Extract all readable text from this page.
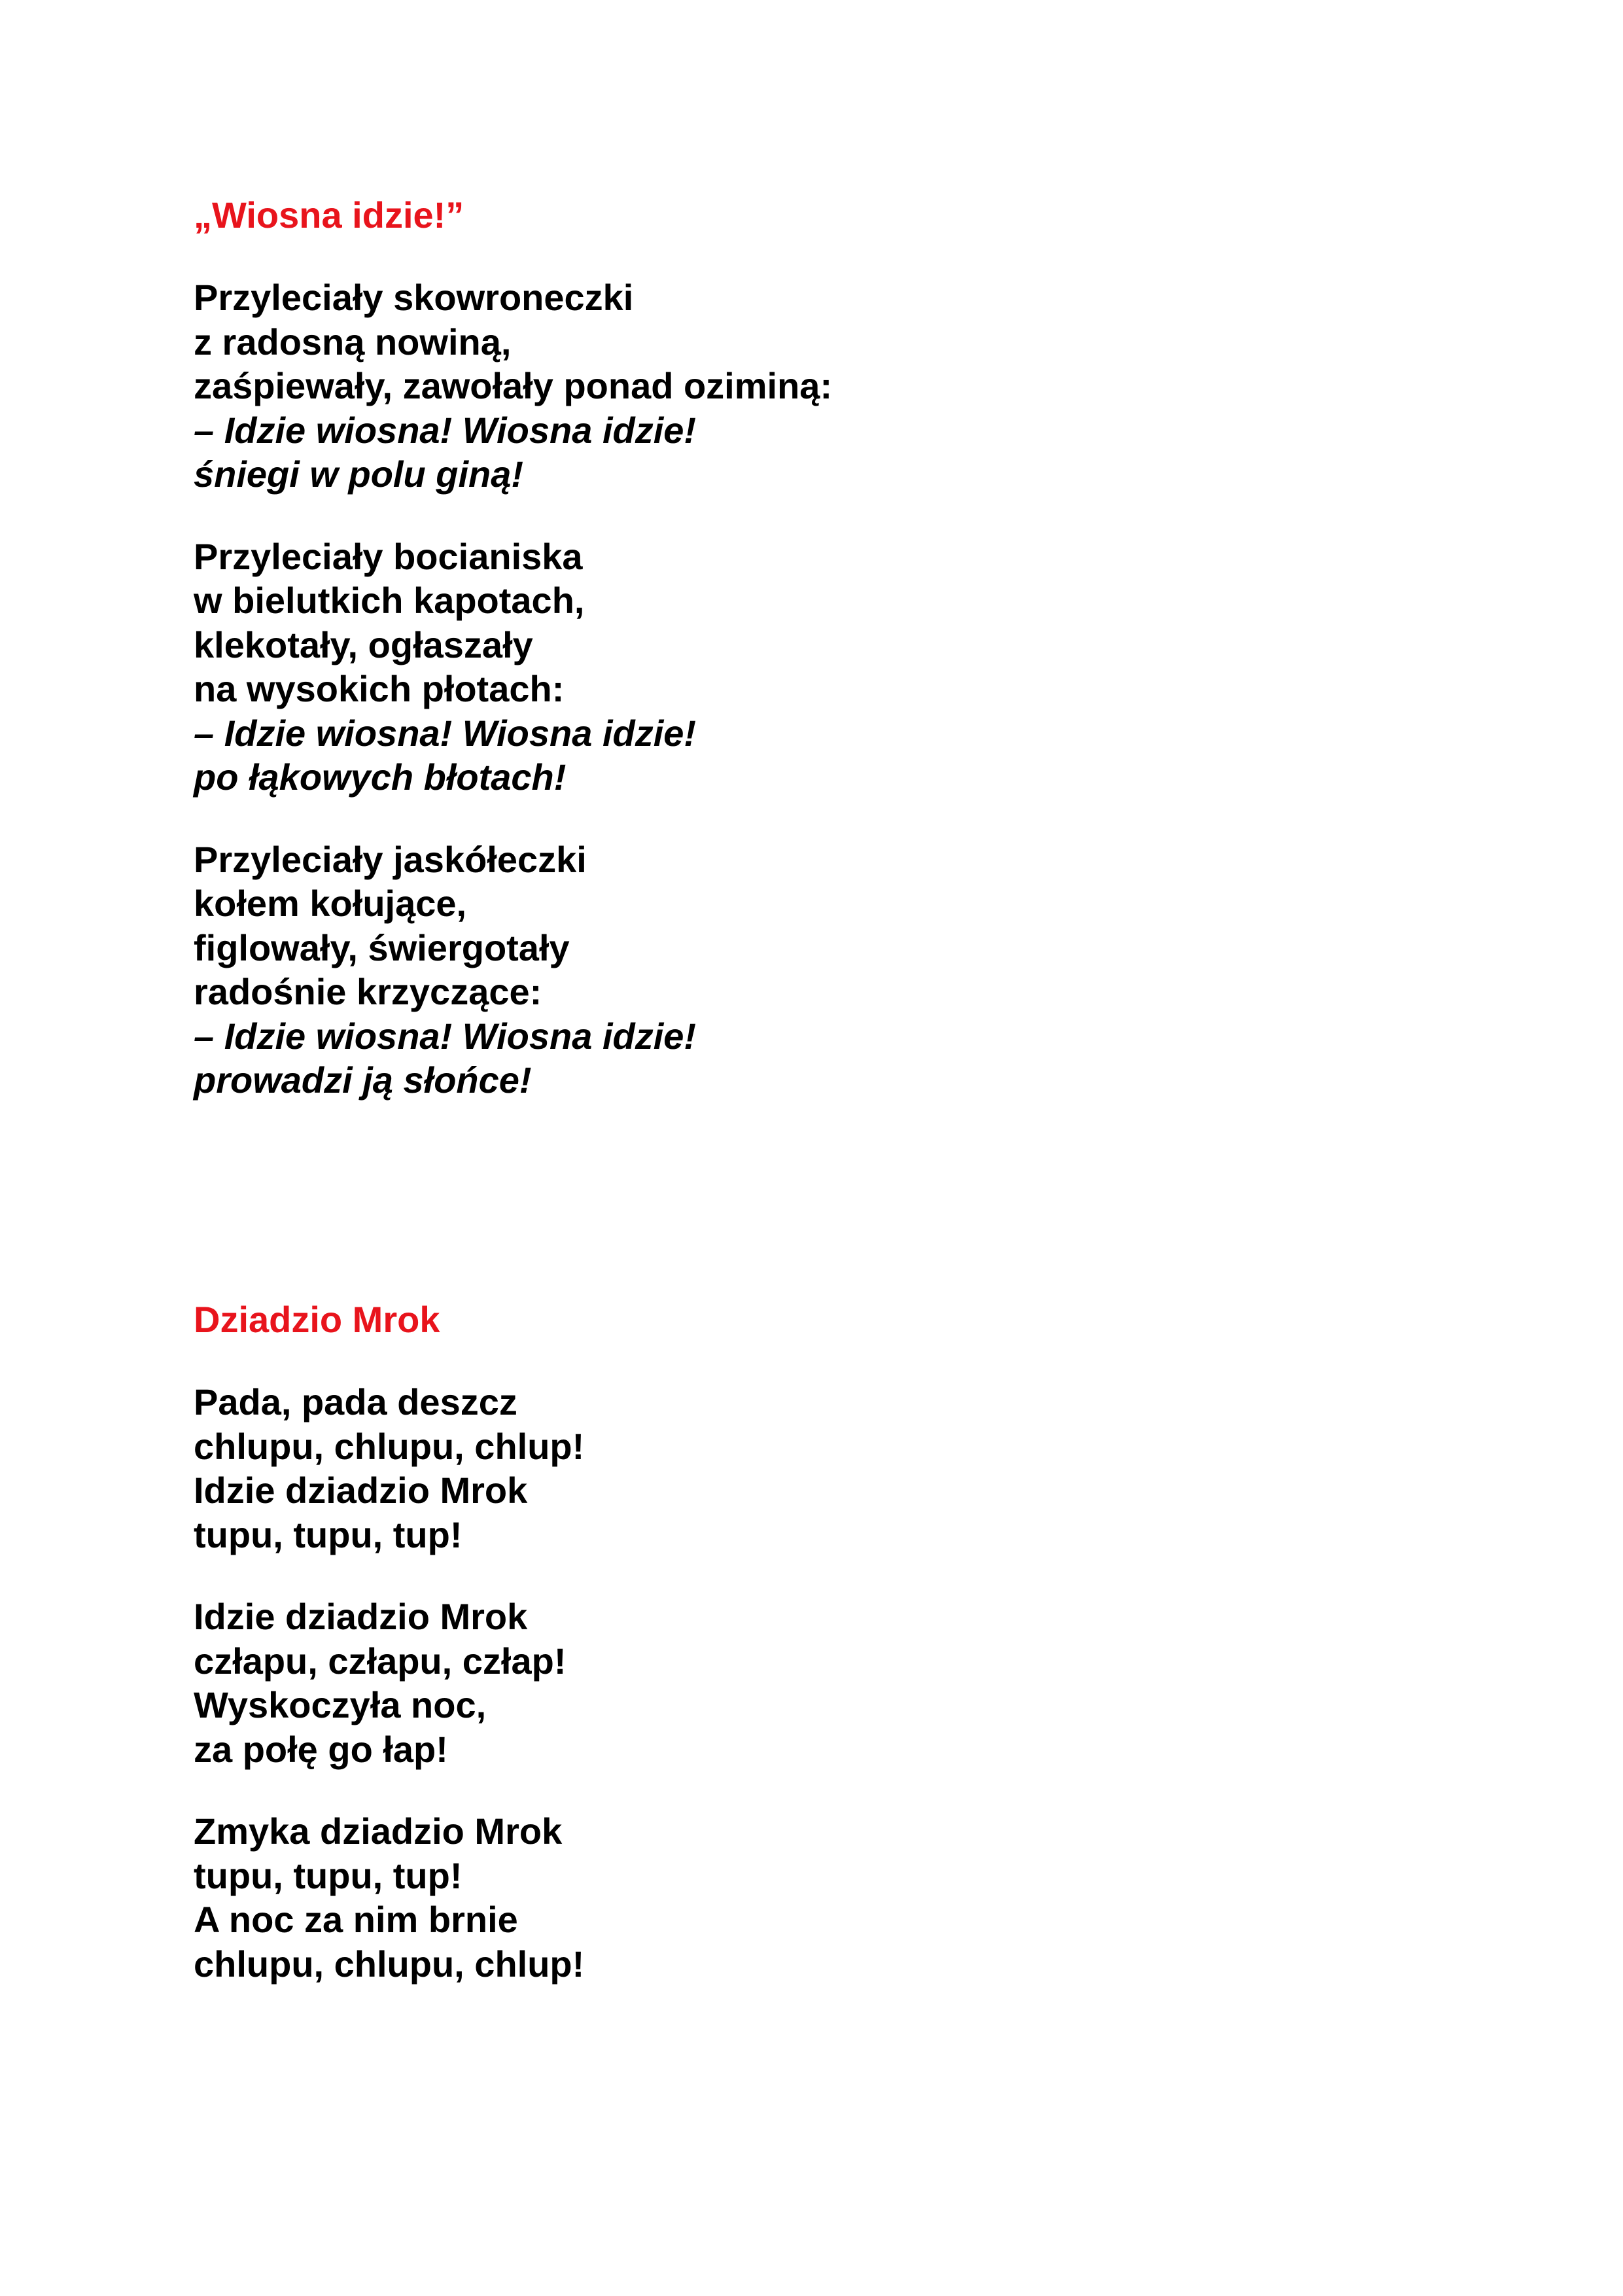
„Wiosna idzie!”
Przyleciały skowroneczki
z radosną nowiną,
zaśpiewały, zawołały ponad oziminą:
– Idzie wiosna! Wiosna idzie!
śniegi w polu giną!
Przyleciały bocianiska
w bielutkich kapotach,
klekotały, ogłaszały
na wysokich płotach:
– Idzie wiosna! Wiosna idzie!
po łąkowych błotach!
Przyleciały jaskółeczki
kołem kołujące,
figlowały, świergotały
radośnie krzyczące:
– Idzie wiosna! Wiosna idzie!
prowadzi ją słońce!
Dziadzio Mrok
Pada, pada deszcz
chlupu, chlupu, chlup!
Idzie dziadzio Mrok
tupu, tupu, tup!
Idzie dziadzio Mrok
człapu, człapu, człap!
Wyskoczyła noc,
za połę go łap!
Zmyka dziadzio Mrok
tupu, tupu, tup!
A noc za nim brnie
chlupu, chlupu, chlup!
